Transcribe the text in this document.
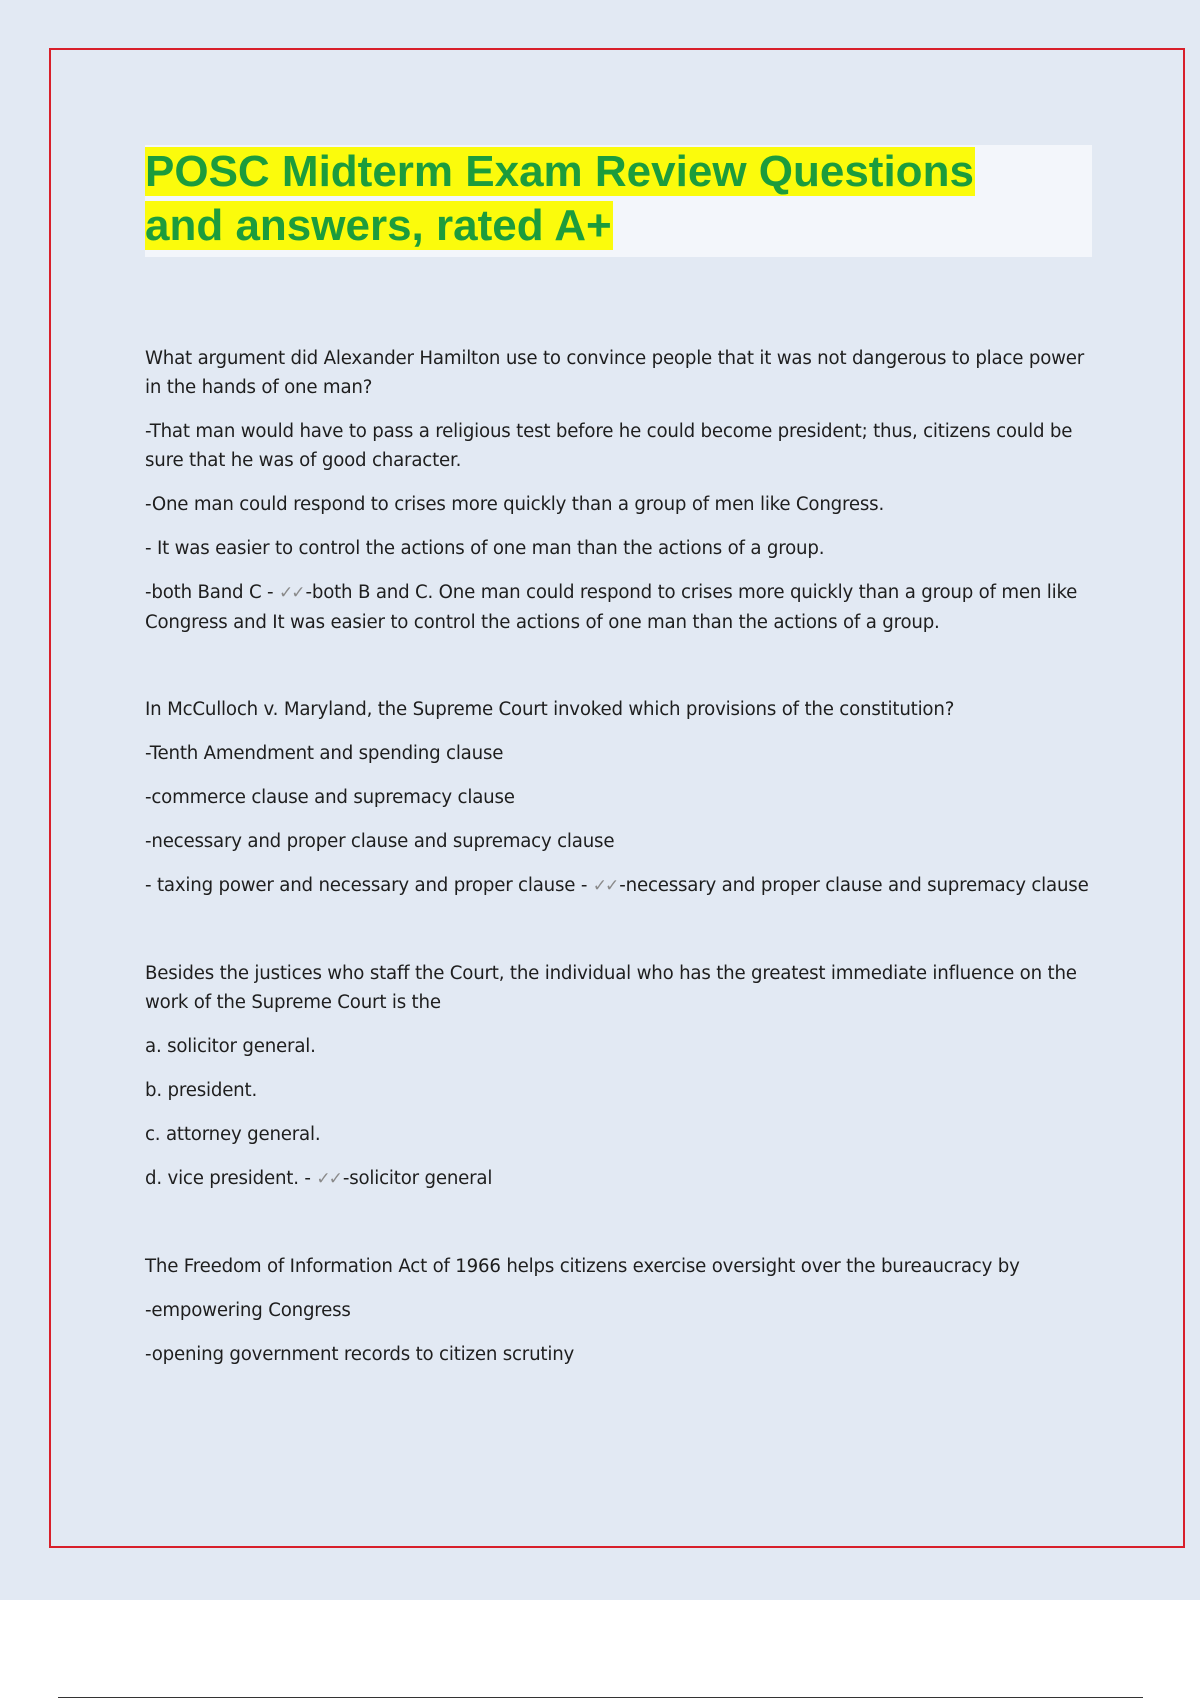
POSC Midterm Exam Review Questions
and answers, rated A+

What argument did Alexander Hamilton use to convince people that it was not dangerous to place power in the hands of one man?

-That man would have to pass a religious test before he could become president; thus, citizens could be sure that he was of good character.

-One man could respond to crises more quickly than a group of men like Congress.

- It was easier to control the actions of one man than the actions of a group.

-both Band C - ✓✓ -both B and C. One man could respond to crises more quickly than a group of men like Congress and It was easier to control the actions of one man than the actions of a group.

In McCulloch v. Maryland, the Supreme Court invoked which provisions of the constitution?

-Tenth Amendment and spending clause

-commerce clause and supremacy clause

-necessary and proper clause and supremacy clause

- taxing power and necessary and proper clause - ✓✓ -necessary and proper clause and supremacy clause

Besides the justices who staff the Court, the individual who has the greatest immediate influence on the work of the Supreme Court is the

a. solicitor general.

b. president.

c. attorney general.

d. vice president. - ✓✓ -solicitor general

The Freedom of Information Act of 1966 helps citizens exercise oversight over the bureaucracy by

-empowering Congress

-opening government records to citizen scrutiny
